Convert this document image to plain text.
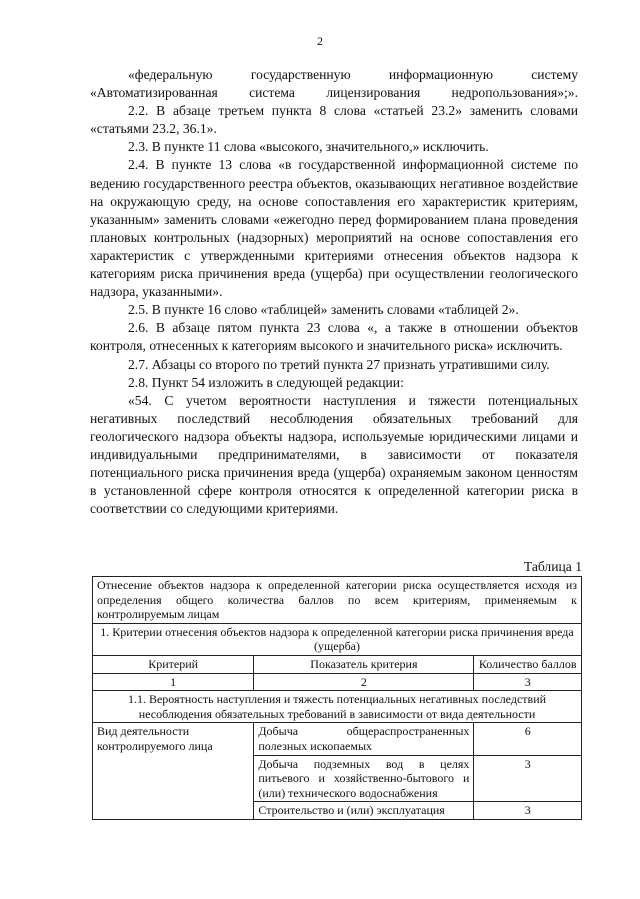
2

«федеральную государственную информационную систему «Автоматизированная система лицензирования недропользования»;».

2.2. В абзаце третьем пункта 8 слова «статьей 23.2» заменить словами «статьями 23.2, 36.1».

2.3. В пункте 11 слова «высокого, значительного,» исключить.

2.4. В пункте 13 слова «в государственной информационной системе по ведению государственного реестра объектов, оказывающих негативное воздействие на окружающую среду, на основе сопоставления его характеристик критериям, указанным» заменить словами «ежегодно перед формированием плана проведения плановых контрольных (надзорных) мероприятий на основе сопоставления его характеристик с утвержденными критериями отнесения объектов надзора к категориям риска причинения вреда (ущерба) при осуществлении геологического надзора, указанными».

2.5. В пункте 16 слово «таблицей» заменить словами «таблицей 2».

2.6. В абзаце пятом пункта 23 слова «, а также в отношении объектов контроля, отнесенных к категориям высокого и значительного риска» исключить.

2.7. Абзацы со второго по третий пункта 27 признать утратившими силу.

2.8. Пункт 54 изложить в следующей редакции:

«54. С учетом вероятности наступления и тяжести потенциальных негативных последствий несоблюдения обязательных требований для геологического надзора объекты надзора, используемые юридическими лицами и индивидуальными предпринимателями, в зависимости от показателя потенциального риска причинения вреда (ущерба) охраняемым законом ценностям в установленной сфере контроля относятся к определенной категории риска в соответствии со следующими критериями.

Таблица 1
Отнесение объектов надзора к определенной категории риска осуществляется исходя из определения общего количества баллов по всем критериям, применяемым к контролируемым лицам		
1. Критерии отнесения объектов надзора к определенной категории риска причинения вреда (ущерба)		
Критерий	Показатель критерия	Количество баллов
1	2	3
1.1. Вероятность наступления и тяжесть потенциальных негативных последствий несоблюдения обязательных требований в зависимости от вида деятельности		
Вид деятельности контролируемого лица	Добыча общераспространенных полезных ископаемых	6
	Добыча подземных вод в целях питьевого и хозяйственно-бытового и (или) технического водоснабжения	3
	Строительство и (или) эксплуатация	3
